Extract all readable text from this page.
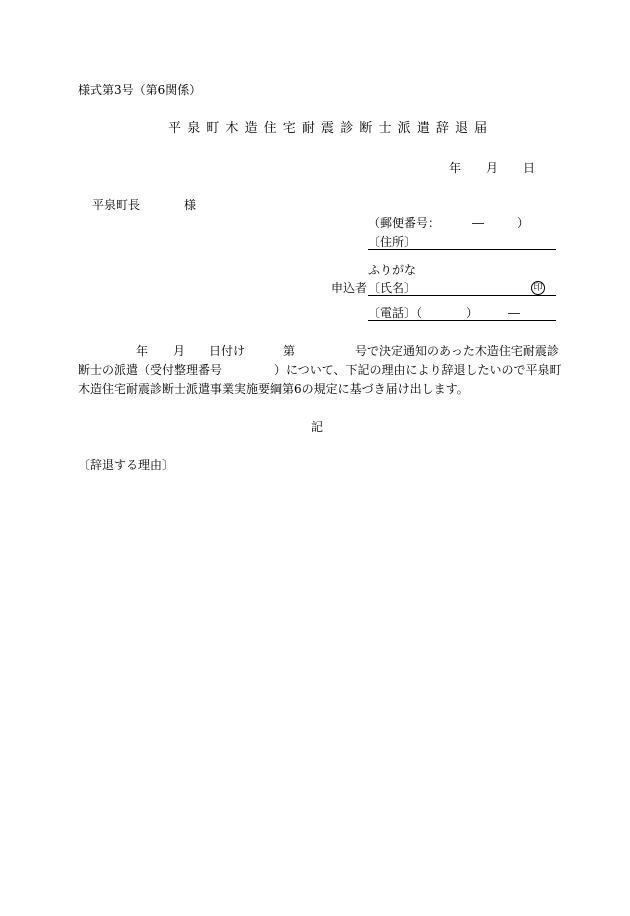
様式第3号（第6関係）
平 泉 町 木 造 住 宅 耐 震 診 断 士 派 遣 辞 退 届
年 月 日
平泉町長	様
（郵便番号：	―	）
〔住所〕
ふりがな
申込者 〔氏名〕	印
〔電話〕（	） ―
年 月 日付け	第	号で決定通知のあった木造住宅耐震診
断士の派遣（受付整理番号	）について、下記の理由により辞退したいので平泉町
木造住宅耐震診断士派遣事業実施要綱第6の規定に基づき届け出します。
記
〔辞退する理由〕
